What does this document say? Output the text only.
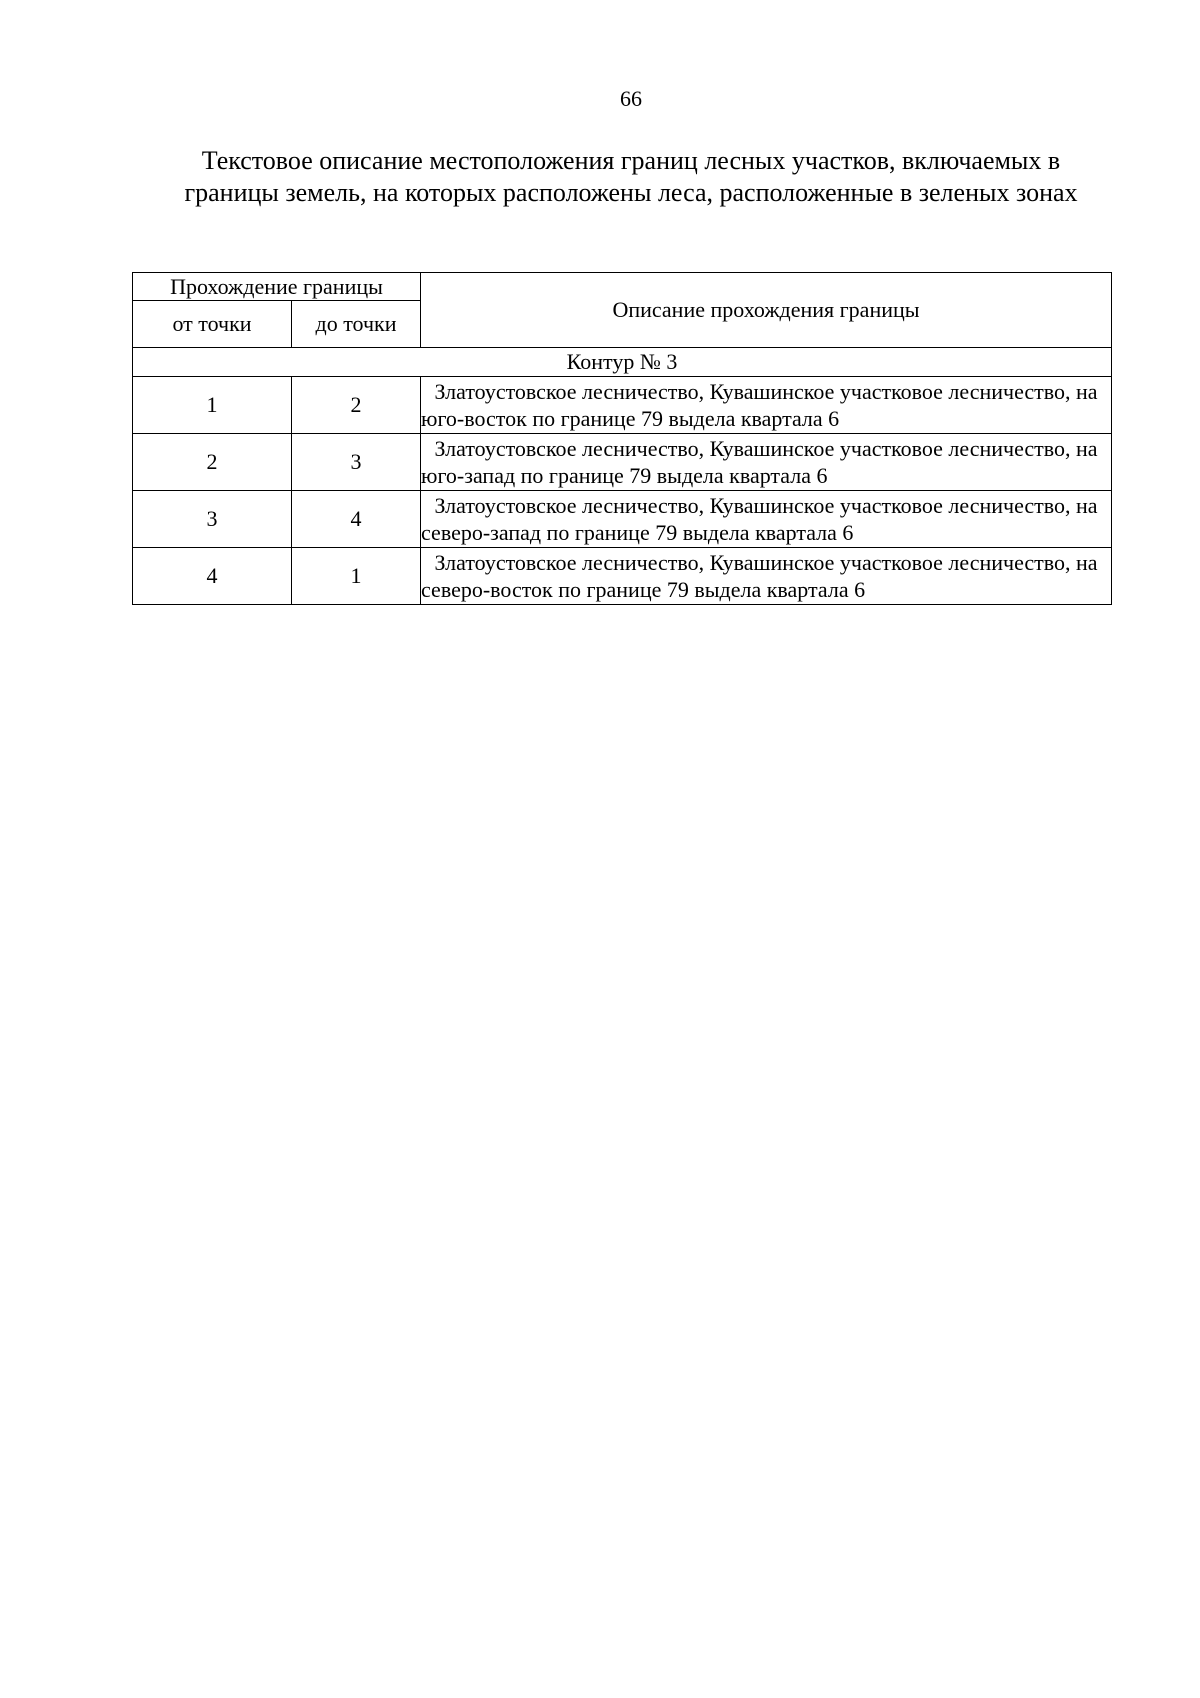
66
Текстовое описание местоположения границ лесных участков, включаемых в границы земель, на которых расположены леса, расположенные в зеленых зонах
Прохождение границы		Описание прохождения границы
от точки	до точки	
Контур № 3		
1	2	Златоустовское лесничество, Кувашинское участковое лесничество, на юго-восток по границе 79 выдела квартала 6
2	3	Златоустовское лесничество, Кувашинское участковое лесничество, на юго-запад по границе 79 выдела квартала 6
3	4	Златоустовское лесничество, Кувашинское участковое лесничество, на северо-запад по границе 79 выдела квартала 6
4	1	Златоустовское лесничество, Кувашинское участковое лесничество, на северо-восток по границе 79 выдела квартала 6
